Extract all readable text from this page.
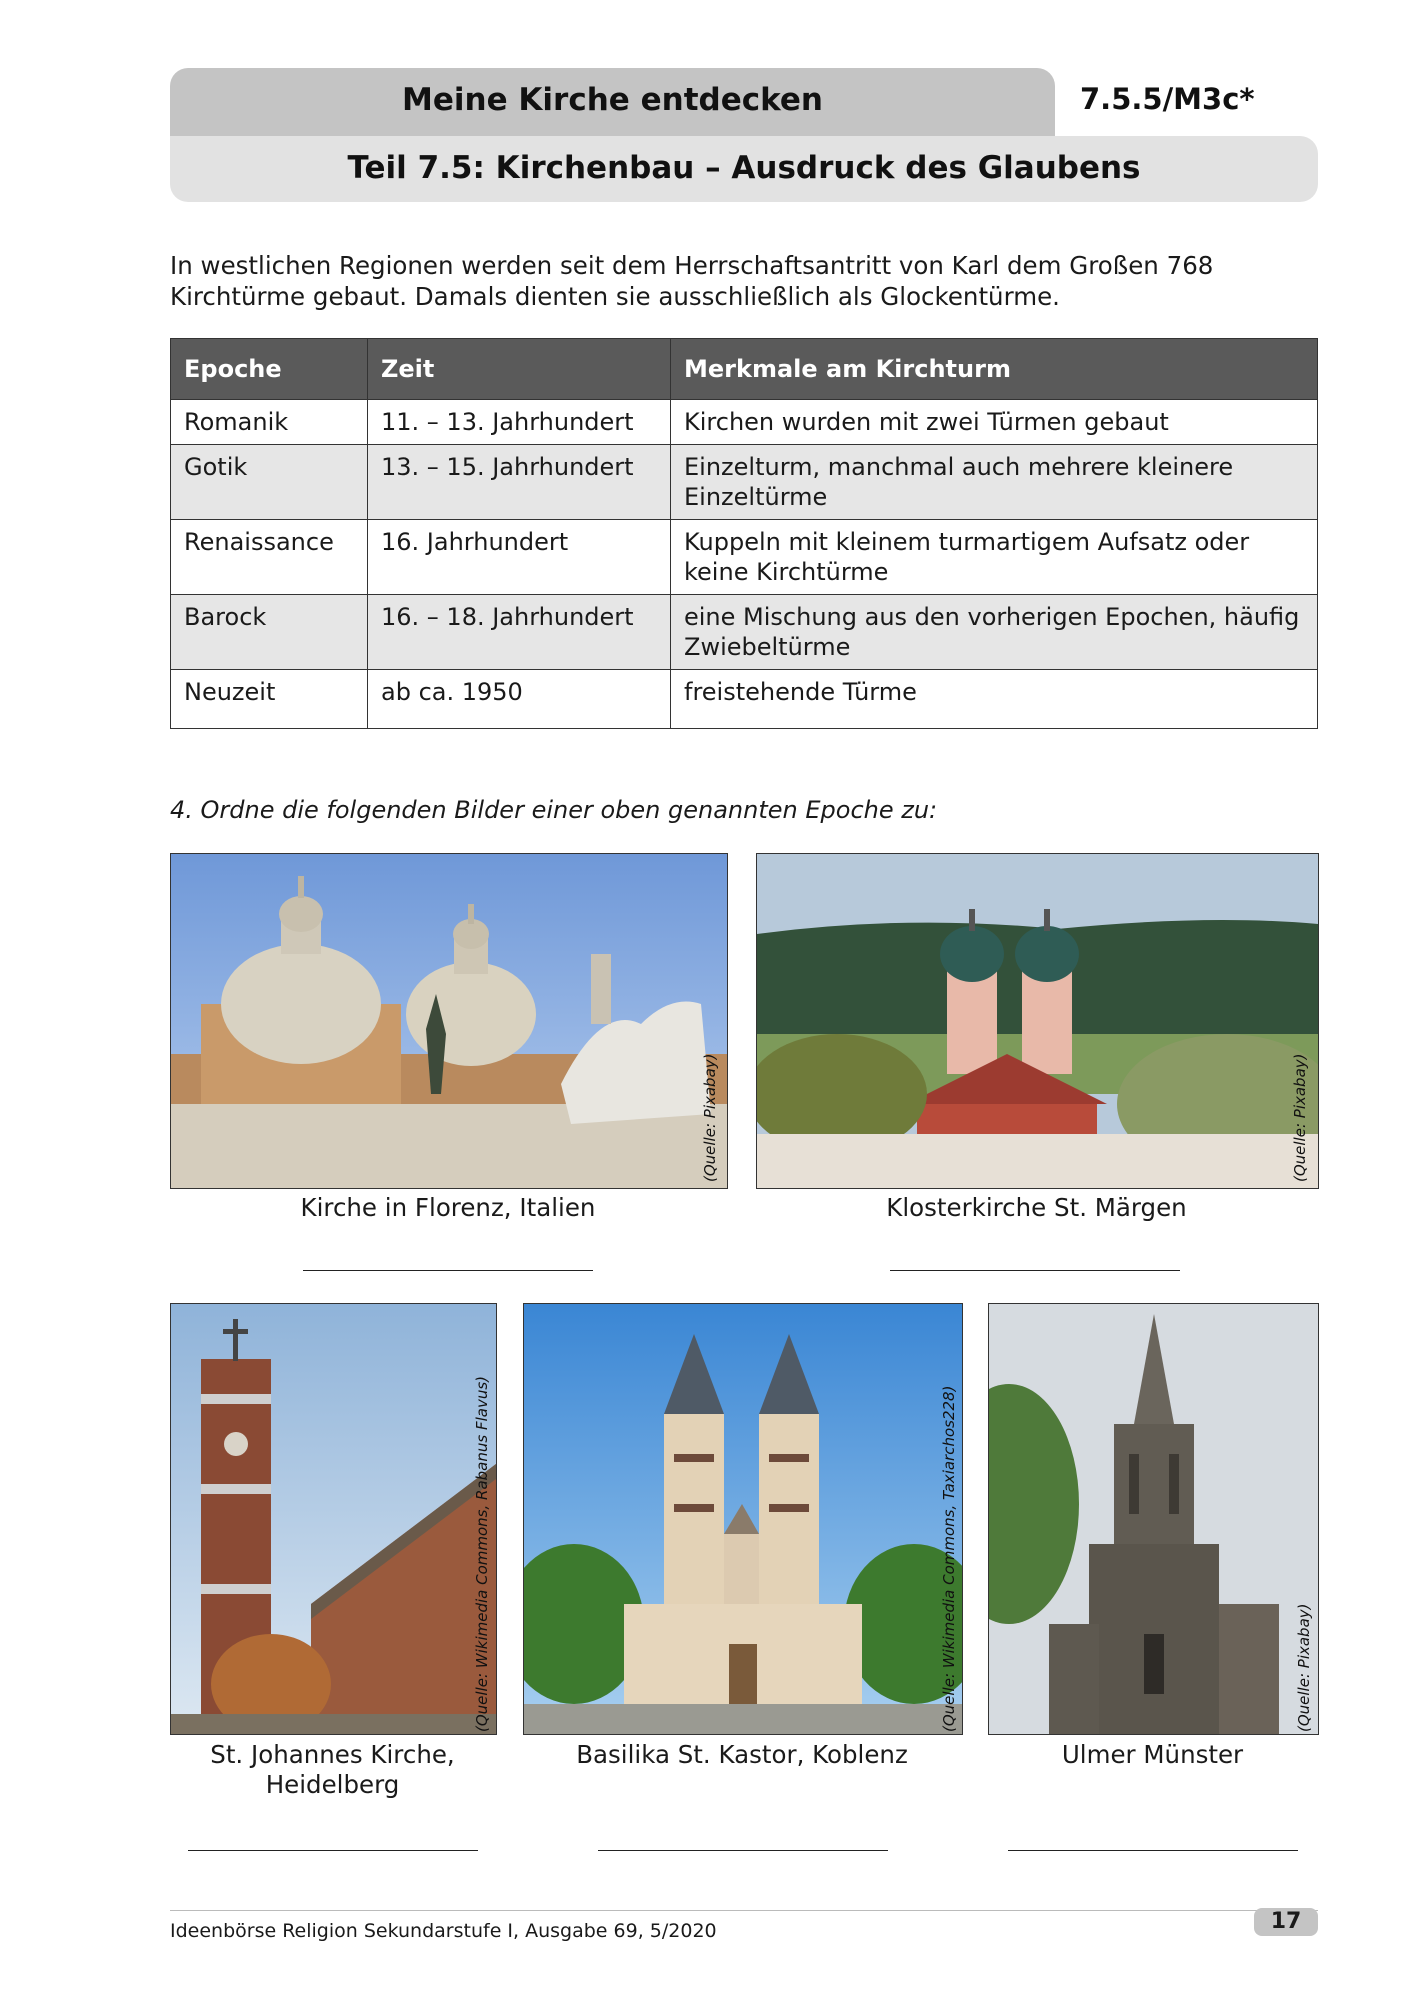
Meine Kirche entdecken	7.5.5/M3c*
Teil 7.5: Kirchenbau – Ausdruck des Glaubens
In westlichen Regionen werden seit dem Herrschaftsantritt von Karl dem Großen 768 Kirchtürme gebaut. Damals dienten sie ausschließlich als Glockentürme.
Epoche	Zeit	Merkmale am Kirchturm
Romanik	11. – 13. Jahrhundert	Kirchen wurden mit zwei Türmen gebaut
Gotik	13. – 15. Jahrhundert	Einzelturm, manchmal auch mehrere kleinere Einzeltürme
Renaissance	16. Jahrhundert	Kuppeln mit kleinem turmartigem Aufsatz oder keine Kirchtürme
Barock	16. – 18. Jahrhundert	eine Mischung aus den vorherigen Epochen, häufig Zwiebeltürme
Neuzeit	ab ca. 1950	freistehende Türme
4. Ordne die folgenden Bilder einer oben genannten Epoche zu:
(Quelle: Pixabay)
Kirche in Florenz, Italien
(Quelle: Pixabay)
Klosterkirche St. Märgen
(Quelle: Wikimedia Commons, Rabanus Flavus)
St. Johannes Kirche, Heidelberg
(Quelle: Wikimedia Commons, Taxiarchos228)
Basilika St. Kastor, Koblenz
(Quelle: Pixabay)
Ulmer Münster
Ideenbörse Religion Sekundarstufe I, Ausgabe 69, 5/2020	17
